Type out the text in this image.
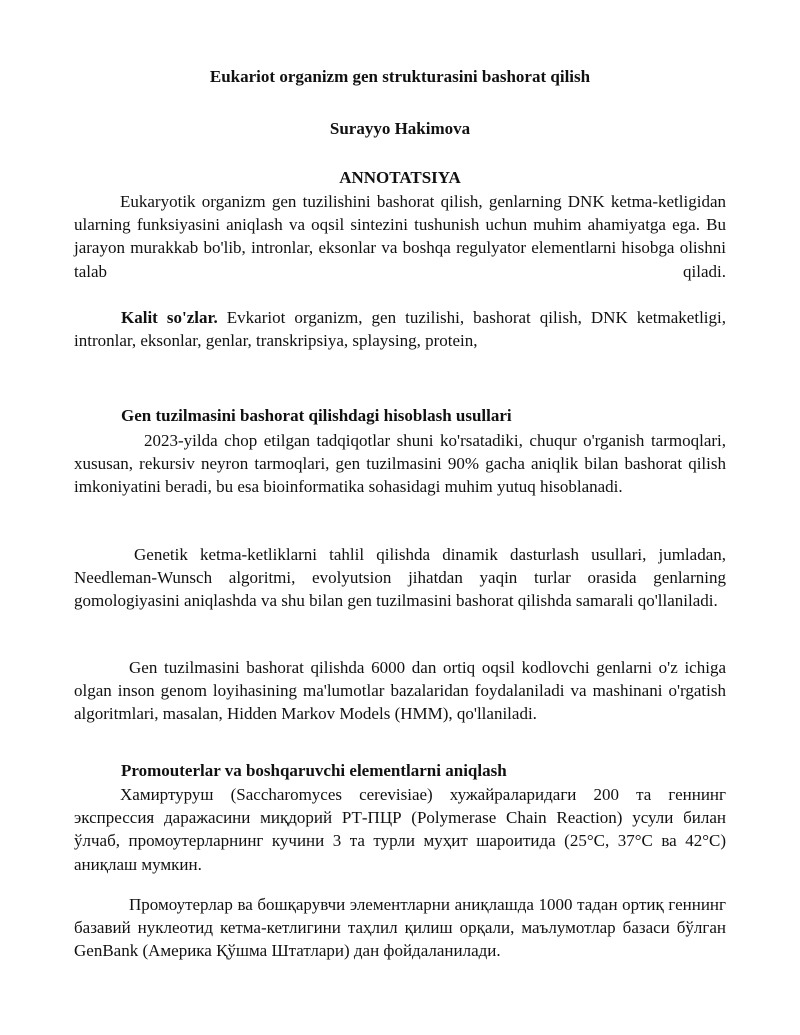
Eukariot organizm gen strukturasini bashorat qilish
Surayyo Hakimova
ANNOTATSIYA
Eukaryotik organizm gen tuzilishini bashorat qilish, genlarning DNK ketma-ketligidan ularning funksiyasini aniqlash va oqsil sintezini tushunish uchun muhim ahamiyatga ega. Bu jarayon murakkab bo'lib, intronlar, eksonlar va boshqa regulyator elementlarni hisobga olishni talab qiladi.
Kalit so'zlar. Evkariot organizm, gen tuzilishi, bashorat qilish, DNK ketmaketligi, intronlar, eksonlar, genlar, transkripsiya, splaysing, protein,
Gen tuzilmasini bashorat qilishdagi hisoblash usullari
2023-yilda chop etilgan tadqiqotlar shuni ko'rsatadiki, chuqur o'rganish tarmoqlari, xususan, rekursiv neyron tarmoqlari, gen tuzilmasini 90% gacha aniqlik bilan bashorat qilish imkoniyatini beradi, bu esa bioinformatika sohasidagi muhim yutuq hisoblanadi.
Genetik ketma-ketliklarni tahlil qilishda dinamik dasturlash usullari, jumladan, Needleman-Wunsch algoritmi, evolyutsion jihatdan yaqin turlar orasida genlarning gomologiyasini aniqlashda va shu bilan gen tuzilmasini bashorat qilishda samarali qo'llaniladi.
Gen tuzilmasini bashorat qilishda 6000 dan ortiq oqsil kodlovchi genlarni o'z ichiga olgan inson genom loyihasining ma'lumotlar bazalaridan foydalaniladi va mashinani o'rgatish algoritmlari, masalan, Hidden Markov Models (HMM), qo'llaniladi.
Promouterlar va boshqaruvchi elementlarni aniqlash
Хамиртуруш (Saccharomyces cerevisiae) хужайраларидаги 200 та геннинг экспрессия даражасини миқдорий РТ-ПЦР (Polymerase Chain Reaction) усули билан ўлчаб, промоутерларнинг кучини 3 та турли муҳит шароитида (25°C, 37°C ва 42°C) аниқлаш мумкин.
Промоутерлар ва бошқарувчи элементларни аниқлашда 1000 тадан ортиқ геннинг базавий нуклеотид кетма-кетлигини таҳлил қилиш орқали, маълумотлар базаси бўлган GenBank (Америка Қўшма Штатлари) дан фойдаланилади.
